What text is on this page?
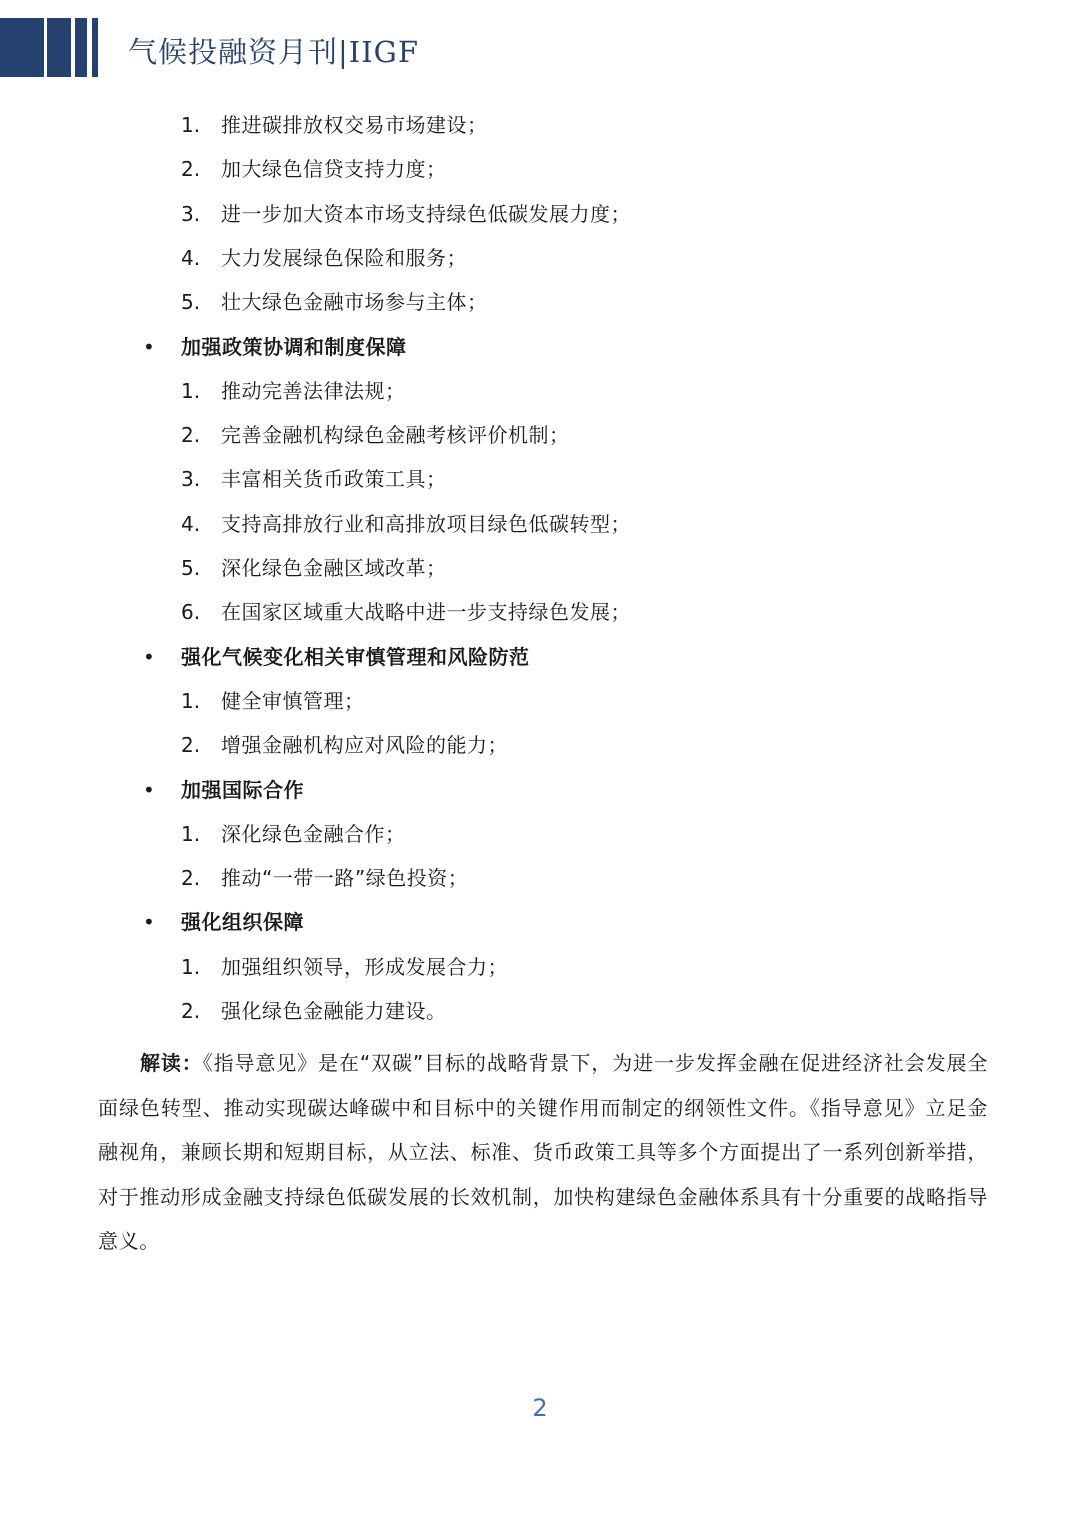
气候投融资月刊|IIGF
1. 推进碳排放权交易市场建设；
2. 加大绿色信贷支持力度；
3. 进一步加大资本市场支持绿色低碳发展力度；
4. 大力发展绿色保险和服务；
5. 壮大绿色金融市场参与主体；
• 加强政策协调和制度保障
1. 推动完善法律法规；
2. 完善金融机构绿色金融考核评价机制；
3. 丰富相关货币政策工具；
4. 支持高排放行业和高排放项目绿色低碳转型；
5. 深化绿色金融区域改革；
6. 在国家区域重大战略中进一步支持绿色发展；
• 强化气候变化相关审慎管理和风险防范
1. 健全审慎管理；
2. 增强金融机构应对风险的能力；
• 加强国际合作
1. 深化绿色金融合作；
2. 推动“一带一路”绿色投资；
• 强化组织保障
1. 加强组织领导，形成发展合力；
2. 强化绿色金融能力建设。
解读：《指导意见》是在“双碳”目标的战略背景下，为进一步发挥金融在促进经济社会发展全面绿色转型、推动实现碳达峰碳中和目标中的关键作用而制定的纲领性文件。《指导意见》立足金融视角，兼顾长期和短期目标，从立法、标准、货币政策工具等多个方面提出了一系列创新举措，对于推动形成金融支持绿色低碳发展的长效机制，加快构建绿色金融体系具有十分重要的战略指导意义。
2
